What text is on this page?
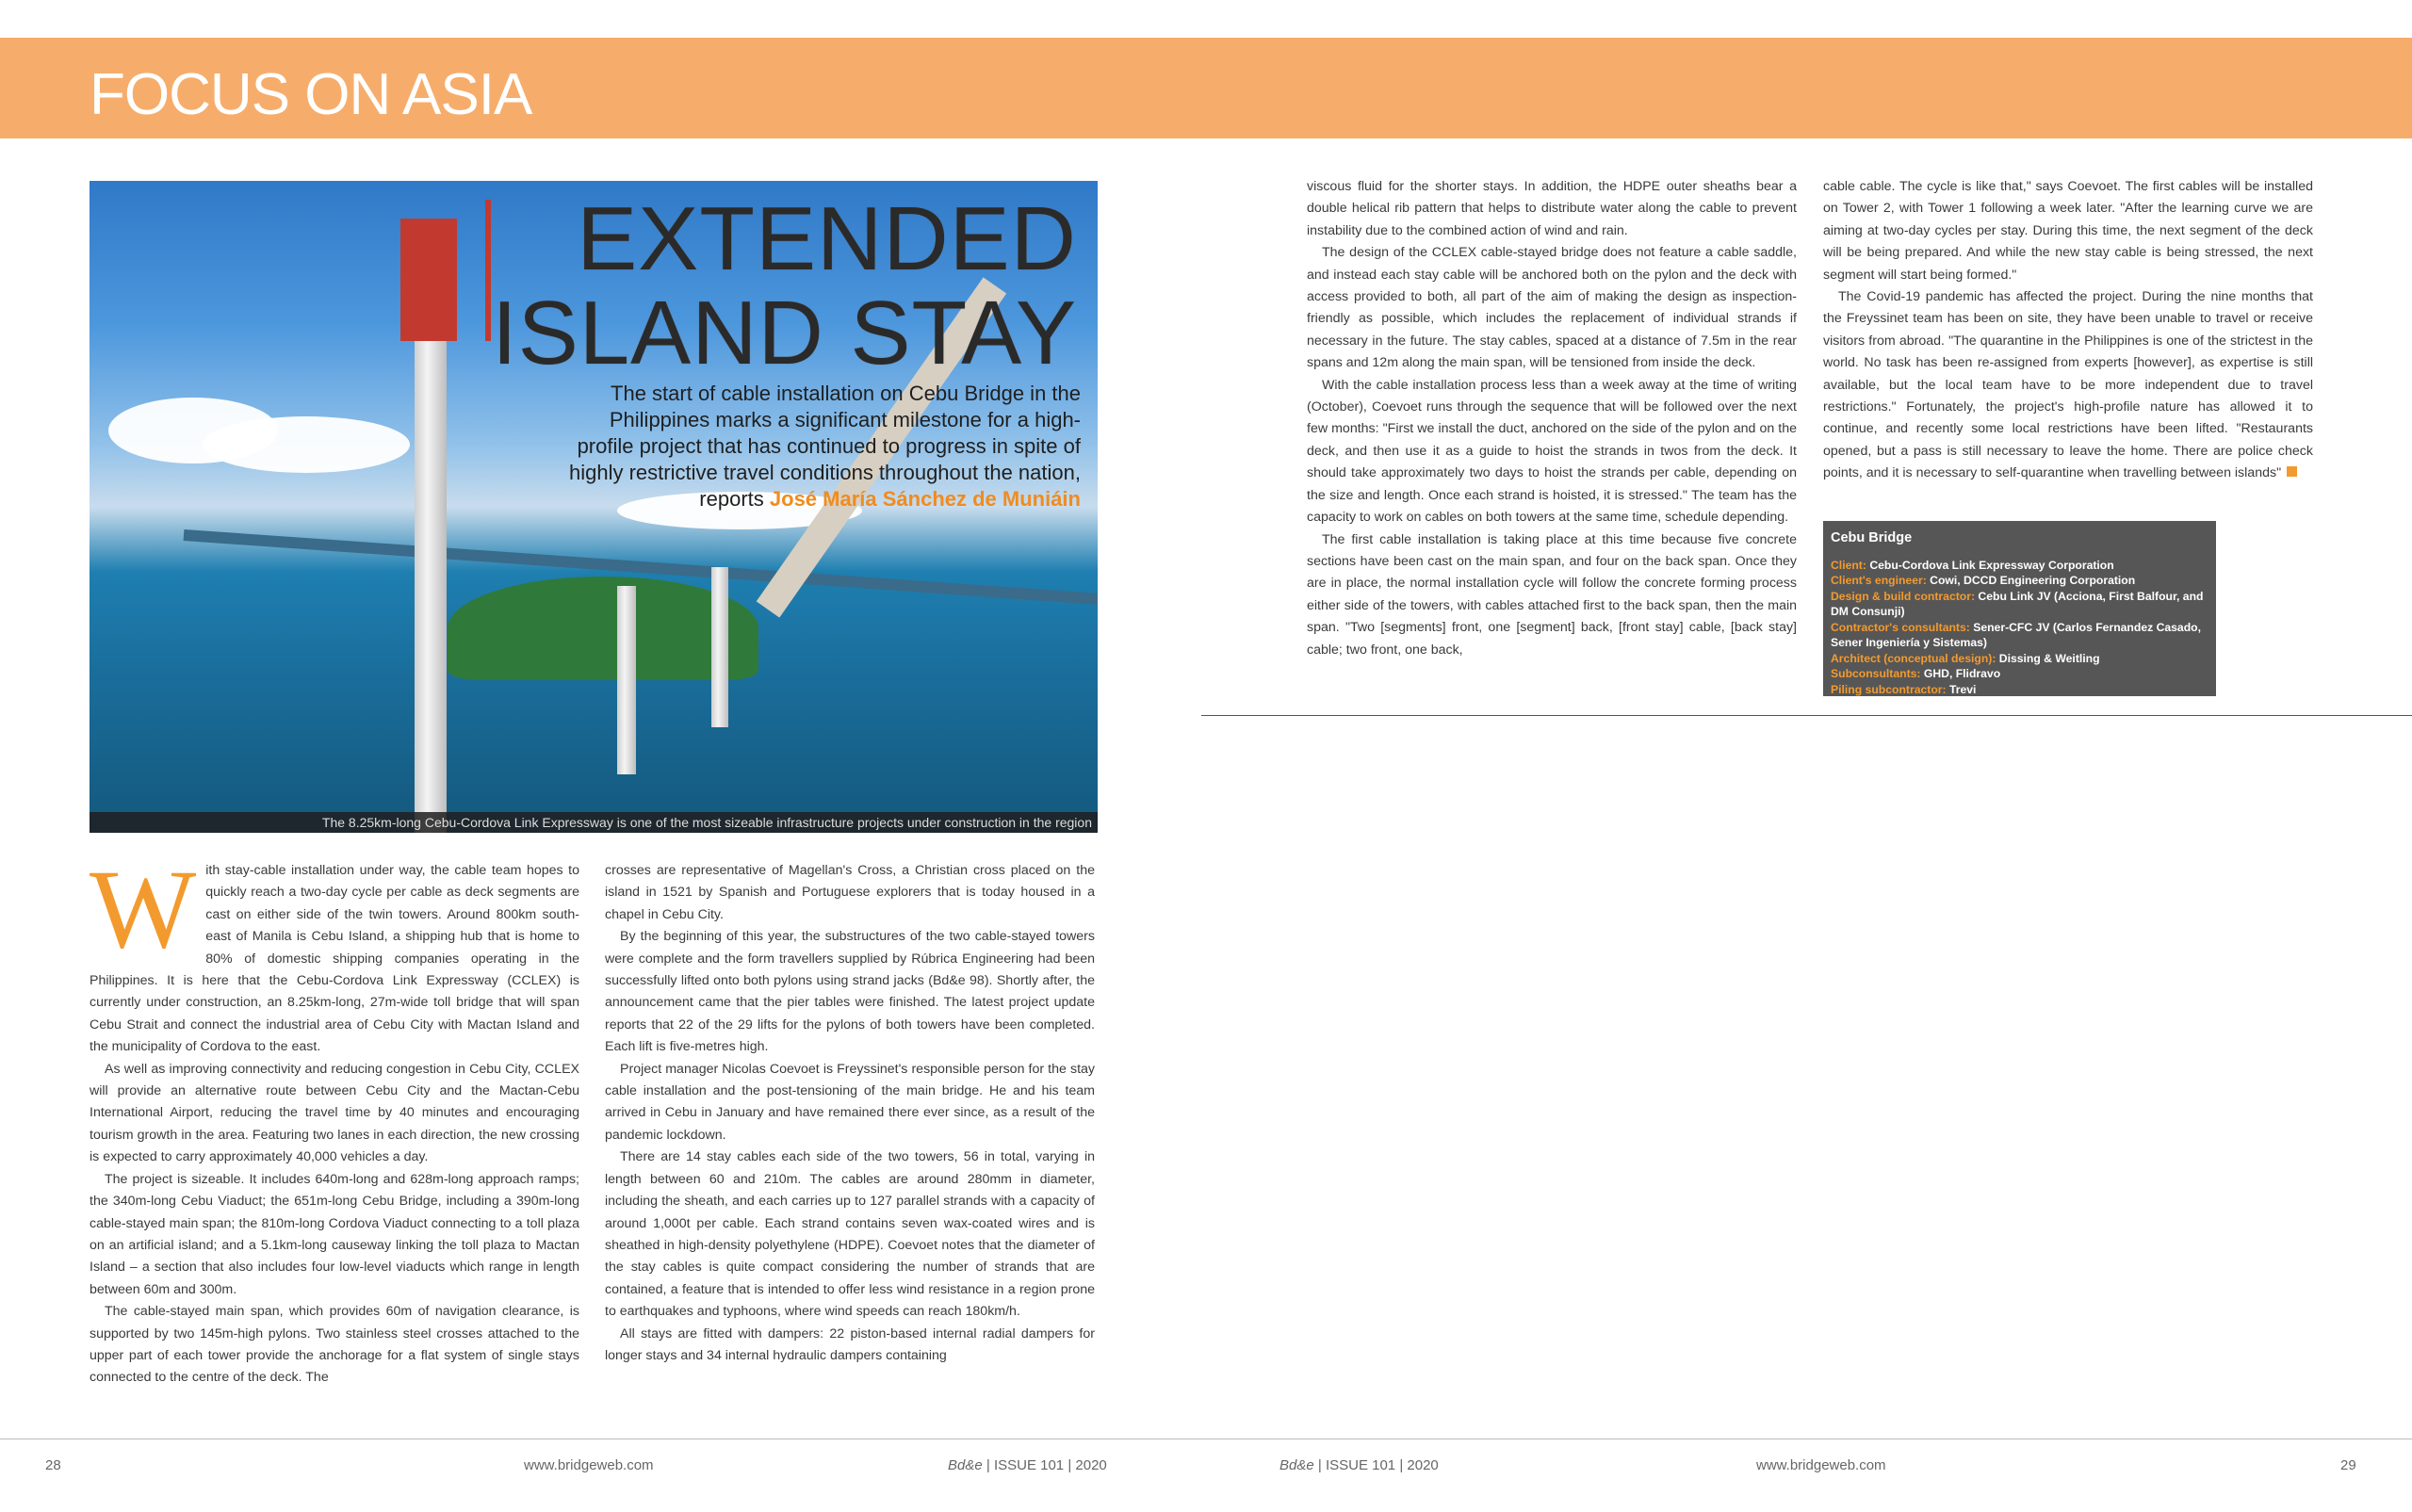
FOCUS ON ASIA
EXTENDED
ISLAND STAY
The start of cable installation on Cebu Bridge in the Philippines marks a significant milestone for a high-profile project that has continued to progress in spite of highly restrictive travel conditions throughout the nation, reports José María Sánchez de Muniáin
The 8.25km-long Cebu-Cordova Link Expressway is one of the most sizeable infrastructure projects under construction in the region

With stay-cable installation under way, the cable team hopes to quickly reach a two-day cycle per cable as deck segments are cast on either side of the twin towers. Around 800km south-east of Manila is Cebu Island, a shipping hub that is home to 80% of domestic shipping companies operating in the Philippines. It is here that the Cebu-Cordova Link Expressway (CCLEX) is currently under construction, an 8.25km-long, 27m-wide toll bridge that will span Cebu Strait and connect the industrial area of Cebu City with Mactan Island and the municipality of Cordova to the east.

As well as improving connectivity and reducing congestion in Cebu City, CCLEX will provide an alternative route between Cebu City and the Mactan-Cebu International Airport, reducing the travel time by 40 minutes and encouraging tourism growth in the area. Featuring two lanes in each direction, the new crossing is expected to carry approximately 40,000 vehicles a day.

The project is sizeable. It includes 640m-long and 628m-long approach ramps; the 340m-long Cebu Viaduct; the 651m-long Cebu Bridge, including a 390m-long cable-stayed main span; the 810m-long Cordova Viaduct connecting to a toll plaza on an artificial island; and a 5.1km-long causeway linking the toll plaza to Mactan Island – a section that also includes four low-level viaducts which range in length between 60m and 300m.

The cable-stayed main span, which provides 60m of navigation clearance, is supported by two 145m-high pylons. Two stainless steel crosses attached to the upper part of each tower provide the anchorage for a flat system of single stays connected to the centre of the deck. The

crosses are representative of Magellan's Cross, a Christian cross placed on the island in 1521 by Spanish and Portuguese explorers that is today housed in a chapel in Cebu City.

By the beginning of this year, the substructures of the two cable-stayed towers were complete and the form travellers supplied by Rúbrica Engineering had been successfully lifted onto both pylons using strand jacks (Bd&e 98). Shortly after, the announcement came that the pier tables were finished. The latest project update reports that 22 of the 29 lifts for the pylons of both towers have been completed. Each lift is five-metres high.

Project manager Nicolas Coevoet is Freyssinet's responsible person for the stay cable installation and the post-tensioning of the main bridge. He and his team arrived in Cebu in January and have remained there ever since, as a result of the pandemic lockdown.

There are 14 stay cables each side of the two towers, 56 in total, varying in length between 60 and 210m. The cables are around 280mm in diameter, including the sheath, and each carries up to 127 parallel strands with a capacity of around 1,000t per cable. Each strand contains seven wax-coated wires and is sheathed in high-density polyethylene (HDPE). Coevoet notes that the diameter of the stay cables is quite compact considering the number of strands that are contained, a feature that is intended to offer less wind resistance in a region prone to earthquakes and typhoons, where wind speeds can reach 180km/h.

All stays are fitted with dampers: 22 piston-based internal radial dampers for longer stays and 34 internal hydraulic dampers containing

viscous fluid for the shorter stays. In addition, the HDPE outer sheaths bear a double helical rib pattern that helps to distribute water along the cable to prevent instability due to the combined action of wind and rain.

The design of the CCLEX cable-stayed bridge does not feature a cable saddle, and instead each stay cable will be anchored both on the pylon and the deck with access provided to both, all part of the aim of making the design as inspection-friendly as possible, which includes the replacement of individual strands if necessary in the future. The stay cables, spaced at a distance of 7.5m in the rear spans and 12m along the main span, will be tensioned from inside the deck.

With the cable installation process less than a week away at the time of writing (October), Coevoet runs through the sequence that will be followed over the next few months: "First we install the duct, anchored on the side of the pylon and on the deck, and then use it as a guide to hoist the strands in twos from the deck. It should take approximately two days to hoist the strands per cable, depending on the size and length. Once each strand is hoisted, it is stressed." The team has the capacity to work on cables on both towers at the same time, schedule depending.

The first cable installation is taking place at this time because five concrete sections have been cast on the main span, and four on the back span. Once they are in place, the normal installation cycle will follow the concrete forming process either side of the towers, with cables attached first to the back span, then the main span. "Two [segments] front, one [segment] back, [front stay] cable, [back stay] cable; two front, one back,

cable cable. The cycle is like that," says Coevoet. The first cables will be installed on Tower 2, with Tower 1 following a week later. "After the learning curve we are aiming at two-day cycles per stay. During this time, the next segment of the deck will be being prepared. And while the new stay cable is being stressed, the next segment will start being formed."

The Covid-19 pandemic has affected the project. During the nine months that the Freyssinet team has been on site, they have been unable to travel or receive visitors from abroad. "The quarantine in the Philippines is one of the strictest in the world. No task has been re-assigned from experts [however], as expertise is still available, but the local team have to be more independent due to travel restrictions." Fortunately, the project's high-profile nature has allowed it to continue, and recently some local restrictions have been lifted. "Restaurants opened, but a pass is still necessary to leave the home. There are police check points, and it is necessary to self-quarantine when travelling between islands"

Cebu Bridge
Client: Cebu-Cordova Link Expressway Corporation
Client's engineer: Cowi, DCCD Engineering Corporation
Design & build contractor: Cebu Link JV (Acciona, First Balfour, and DM Consunji)
Contractor's consultants: Sener-CFC JV (Carlos Fernandez Casado, Sener Ingeniería y Sistemas)
Architect (conceptual design): Dissing & Weitling
Subconsultants: GHD, Flidravo
Piling subcontractor: Trevi
28	www.bridgeweb.com	Bd&e | ISSUE 101 | 2020	Bd&e | ISSUE 101 | 2020	www.bridgeweb.com	29
